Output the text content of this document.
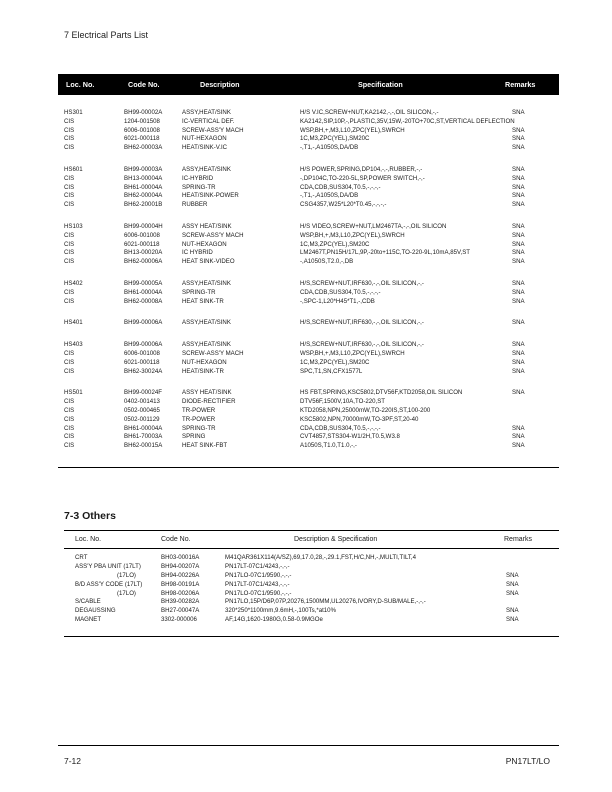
7 Electrical Parts List
Loc. No.	Code No.	Description	Specification	Remarks
HS301	BH99-00002A	ASSY,HEAT/SINK	H/S V.IC,SCREW+NUT,KA2142,-,-,OIL SILICON,-,-	SNA
CIS	1204-001508	IC-VERTICAL DEF.	KA2142,SIP,10P,-,PLASTIC,35V,15W,-20TO+70C,ST,VERTICAL DEFLECTION
CIS	6006-001008	SCREW-ASS'Y MACH	WSP,BH,+,M3,L10,ZPC(YEL),SWRCH	SNA
CIS	6021-000118	NUT-HEXAGON	1C,M3,ZPC(YEL),SM20C	SNA
CIS	BH62-00003A	HEAT/SINK-V.IC	-,T1,-,A1050S,DA/DB	SNA
HS601	BH99-00003A	ASSY,HEAT/SINK	H/S POWER,SPRING,DP104,-,-,RUBBER,-,-	SNA
CIS	BH13-00004A	IC-HYBRID	-,DP104C,TO-220-5L,SP,POWER SWITCH,-,-	SNA
CIS	BH61-00004A	SPRING-TR	CDA,CDB,SUS304,T0.5,-,-,-,-	SNA
CIS	BH62-00004A	HEAT/SINK-POWER	-,T1,-,A1050S,DA/DB	SNA
CIS	BH62-20001B	RUBBER	CSG4357,W25*L20*T0.45,-,-,-,-	SNA
HS103	BH99-00004H	ASSY HEAT/SINK	H/S VIDEO,SCREW+NUT,LM2467TA,-,-,OIL SILICON	SNA
CIS	6006-001008	SCREW-ASS'Y MACH	WSP,BH,+,M3,L10,ZPC(YEL),SWRCH	SNA
CIS	6021-000118	NUT-HEXAGON	1C,M3,ZPC(YEL),SM20C	SNA
CIS	BH13-00020A	IC HYBRID	LM2467T,PN15H/17L,9P,-20to+115C,TO-220-9L,10mA,85V,ST	SNA
CIS	BH62-00006A	HEAT SINK-VIDEO	-,A1050S,T2.0,-,DB	SNA
HS402	BH99-00005A	ASSY,HEAT/SINK	H/S,SCREW+NUT,IRF630,-,-,OIL SILICON,-,-	SNA
CIS	BH61-00004A	SPRING-TR	CDA,CDB,SUS304,T0.5,-,-,-,-	SNA
CIS	BH62-00008A	HEAT SINK-TR	-,SPC-1,L20*H45*T1,-,CDB	SNA
HS401	BH99-00006A	ASSY,HEAT/SINK	H/S,SCREW+NUT,IRF630,-,-,OIL SILICON,-,-	SNA
HS403	BH99-00006A	ASSY,HEAT/SINK	H/S,SCREW+NUT,IRF630,-,-,OIL SILICON,-,-	SNA
CIS	6006-001008	SCREW-ASS'Y MACH	WSP,BH,+,M3,L10,ZPC(YEL),SWRCH	SNA
CIS	6021-000118	NUT-HEXAGON	1C,M3,ZPC(YEL),SM20C	SNA
CIS	BH62-30024A	HEAT/SINK-TR	SPC,T1,SN,CFX1577L	SNA
HS501	BH99-00024F	ASSY HEAT/SINK	HS FBT,SPRING,KSC5802,DTV56F,KTD2058,OIL SILICON	SNA
CIS	0402-001413	DIODE-RECTIFIER	DTV56F,1500V,10A,TO-220,ST
CIS	0502-000465	TR-POWER	KTD2058,NPN,25000mW,TO-220IS,ST,100-200
CIS	0502-001129	TR-POWER	KSC5802,NPN,70000mW,TO-3PF,ST,20-40
CIS	BH61-00004A	SPRING-TR	CDA,CDB,SUS304,T0.5,-,-,-,-	SNA
CIS	BH61-70003A	SPRING	CVT4857,STS304-W1/2H,T0.5,W3.8	SNA
CIS	BH62-00015A	HEAT SINK-FBT	A1050S,T1.0,T1.0,-,-	SNA
7-3 Others
Loc. No.	Code No.	Description & Specification	Remarks
CRT	BH03-00016A	M41QAR361X114(A/SZ),69,17.0,28,-,29.1,FST,H/C,NH,-,MULTI,TILT,4
ASS'Y PBA UNIT (17LT)	BH94-00207A	PN17LT-07C1/4243,-,-,-
(17LO)	BH94-00226A	PN17LO-07C1/9590,-,-,-	SNA
B/D ASS'Y CODE (17LT)	BH98-00191A	PN17LT-07C1/4243,-,-,-	SNA
(17LO)	BH98-00206A	PN17LO-07C1/9590,-,-,-	SNA
S/CABLE	BH39-00282A	PN17LO,15P/D6P,07P,20276,1500MM,UL20276,IVORY,D-SUB/MALE,-,-,-
DEGAUSSING	BH27-00047A	320*250*1100mm,9.6mH,-,100Ts,*at10%	SNA
MAGNET	3302-000006	AF,14G,1620-1980G,0.58-0.9MGOe	SNA
7-12	PN17LT/LO
